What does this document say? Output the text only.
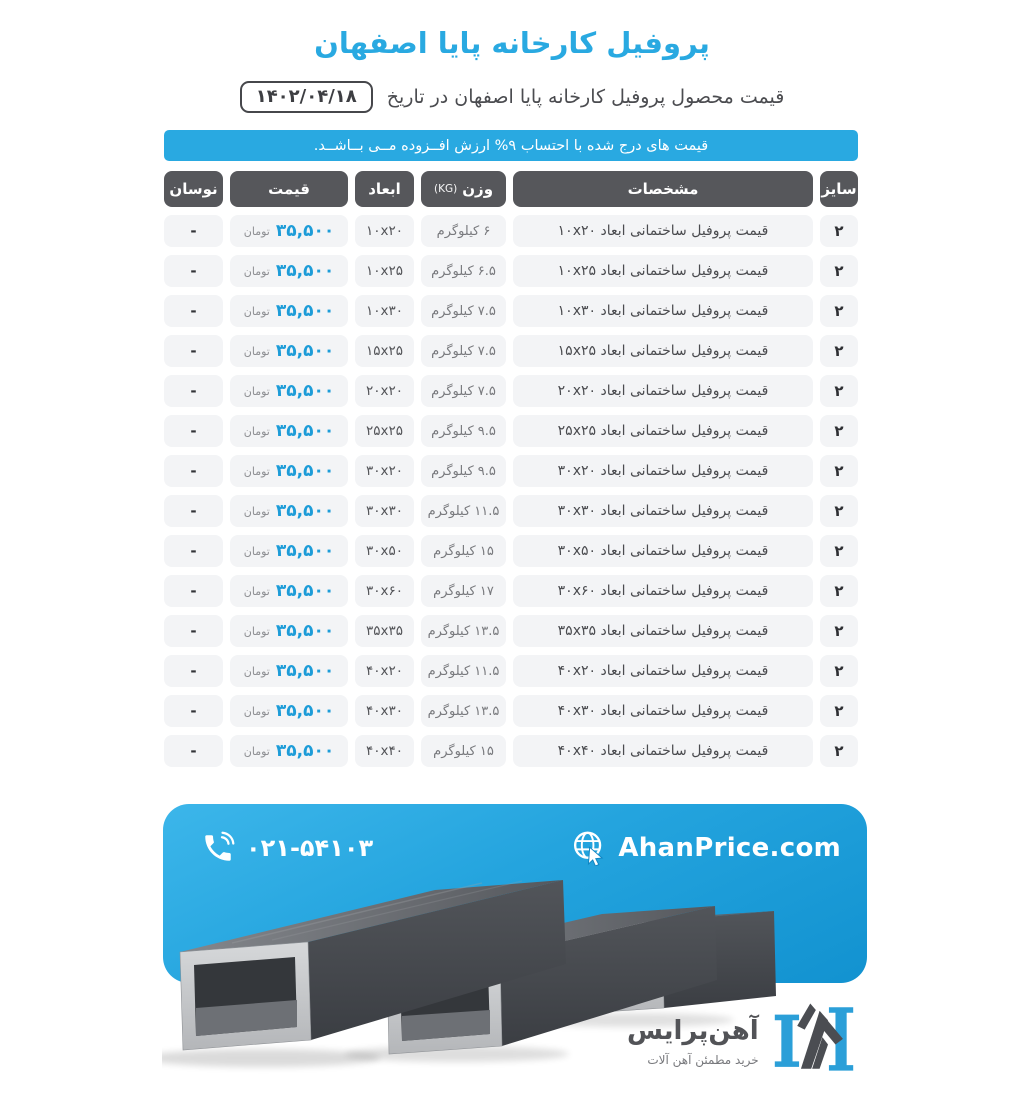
پروفیل کارخانه پایا اصفهان
قیمت محصول پروفیل کارخانه پایا اصفهان در تاریخ
۱۴۰۲/۰۴/۱۸
قیمت های درج شده با احتساب ۹% ارزش افــزوده مــی بــاشــد.
سایز
مشخصات
وزن
(KG)
ابعاد
قیمت
نوسان
۲
قیمت پروفیل ساختمانی ابعاد ۱۰x۲۰
۶ کیلوگرم
۱۰x۲۰
۳۵,۵۰۰
تومان
-
۲
قیمت پروفیل ساختمانی ابعاد ۱۰x۲۵
۶.۵ کیلوگرم
۱۰x۲۵
۳۵,۵۰۰
تومان
-
۲
قیمت پروفیل ساختمانی ابعاد ۱۰x۳۰
۷.۵ کیلوگرم
۱۰x۳۰
۳۵,۵۰۰
تومان
-
۲
قیمت پروفیل ساختمانی ابعاد ۱۵x۲۵
۷.۵ کیلوگرم
۱۵x۲۵
۳۵,۵۰۰
تومان
-
۲
قیمت پروفیل ساختمانی ابعاد ۲۰x۲۰
۷.۵ کیلوگرم
۲۰x۲۰
۳۵,۵۰۰
تومان
-
۲
قیمت پروفیل ساختمانی ابعاد ۲۵x۲۵
۹.۵ کیلوگرم
۲۵x۲۵
۳۵,۵۰۰
تومان
-
۲
قیمت پروفیل ساختمانی ابعاد ۳۰x۲۰
۹.۵ کیلوگرم
۳۰x۲۰
۳۵,۵۰۰
تومان
-
۲
قیمت پروفیل ساختمانی ابعاد ۳۰x۳۰
۱۱.۵ کیلوگرم
۳۰x۳۰
۳۵,۵۰۰
تومان
-
۲
قیمت پروفیل ساختمانی ابعاد ۳۰x۵۰
۱۵ کیلوگرم
۳۰x۵۰
۳۵,۵۰۰
تومان
-
۲
قیمت پروفیل ساختمانی ابعاد ۳۰x۶۰
۱۷ کیلوگرم
۳۰x۶۰
۳۵,۵۰۰
تومان
-
۲
قیمت پروفیل ساختمانی ابعاد ۳۵x۳۵
۱۳.۵ کیلوگرم
۳۵x۳۵
۳۵,۵۰۰
تومان
-
۲
قیمت پروفیل ساختمانی ابعاد ۴۰x۲۰
۱۱.۵ کیلوگرم
۴۰x۲۰
۳۵,۵۰۰
تومان
-
۲
قیمت پروفیل ساختمانی ابعاد ۴۰x۳۰
۱۳.۵ کیلوگرم
۴۰x۳۰
۳۵,۵۰۰
تومان
-
۲
قیمت پروفیل ساختمانی ابعاد ۴۰x۴۰
۱۵ کیلوگرم
۴۰x۴۰
۳۵,۵۰۰
تومان
-
AhanPrice.com
۰۲۱-۵۴۱۰۳
آهن‌پرایس
خرید مطمئن آهن آلات
